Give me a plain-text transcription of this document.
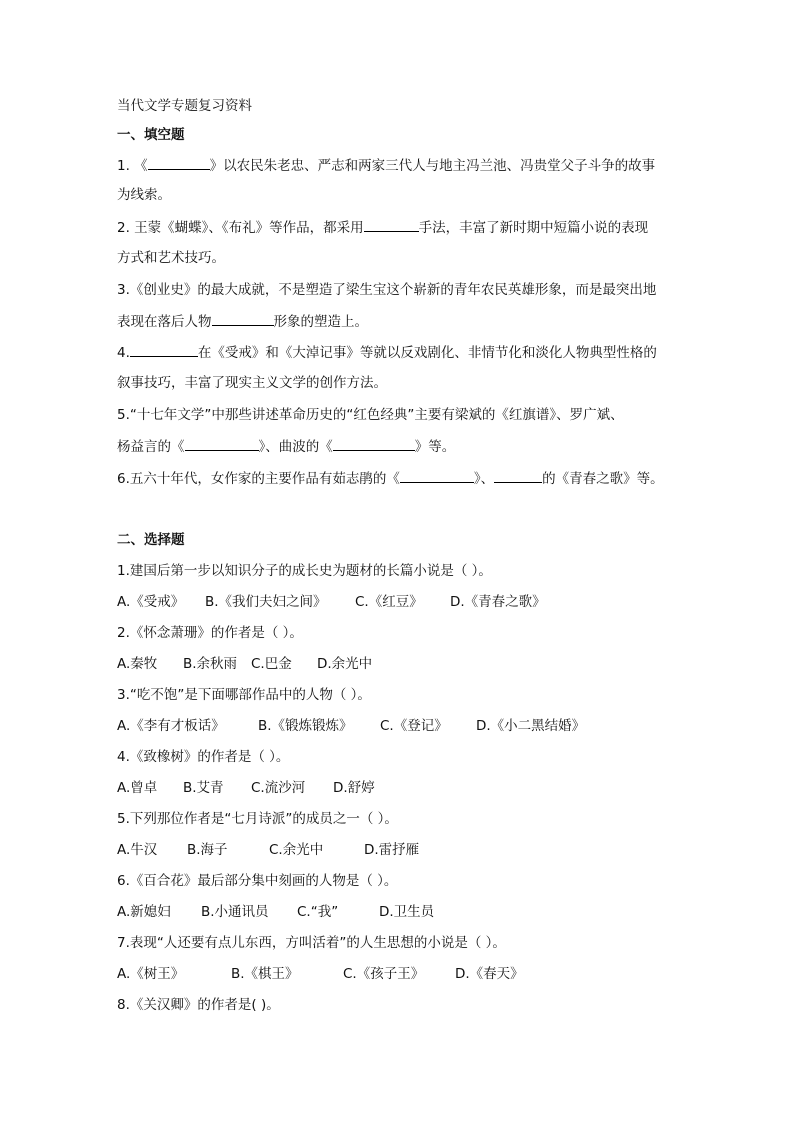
当代文学专题复习资料
一、填空题
1. 《	》以农民朱老忠、严志和两家三代人与地主冯兰池、冯贵堂父子斗争的故事
为线索。
2. 王蒙《蝴蝶》、《布礼》等作品，都采用	手法，丰富了新时期中短篇小说的表现
方式和艺术技巧。
3.《创业史》的最大成就，不是塑造了梁生宝这个崭新的青年农民英雄形象，而是最突出地
表现在落后人物	形象的塑造上。
4.	在《受戒》和《大淖记事》等就以反戏剧化、非情节化和淡化人物典型性格的
叙事技巧，丰富了现实主义文学的创作方法。
5.“十七年文学”中那些讲述革命历史的“红色经典”主要有梁斌的《红旗谱》、罗广斌、
杨益言的《	》、曲波的《	》等。
6.五六十年代，女作家的主要作品有茹志鹃的《	》、	的《青春之歌》等。
二、选择题
1.建国后第一步以知识分子的成长史为题材的长篇小说是（ ）。
A.《受戒》 B.《我们夫妇之间》 C.《红豆》 D.《青春之歌》
2.《怀念萧珊》的作者是（ ）。
A.秦牧 B.余秋雨 C.巴金 D.余光中
3.“吃不饱”是下面哪部作品中的人物（ ）。
A.《李有才板话》 B.《锻炼锻炼》 C.《登记》 D.《小二黑结婚》
4.《致橡树》的作者是（ ）。
A.曾卓 B.艾青 C.流沙河 D.舒婷
5.下列那位作者是“七月诗派”的成员之一（ ）。
A.牛汉 B.海子	C.余光中	D.雷抒雁
6.《百合花》最后部分集中刻画的人物是（ ）。
A.新媳妇 B.小通讯员 C.“我”	D.卫生员
7.表现“人还要有点儿东西，方叫活着”的人生思想的小说是（ ）。
A.《树王》	B.《棋王》	C.《孩子王》 D.《春天》
8.《关汉卿》的作者是( )。
